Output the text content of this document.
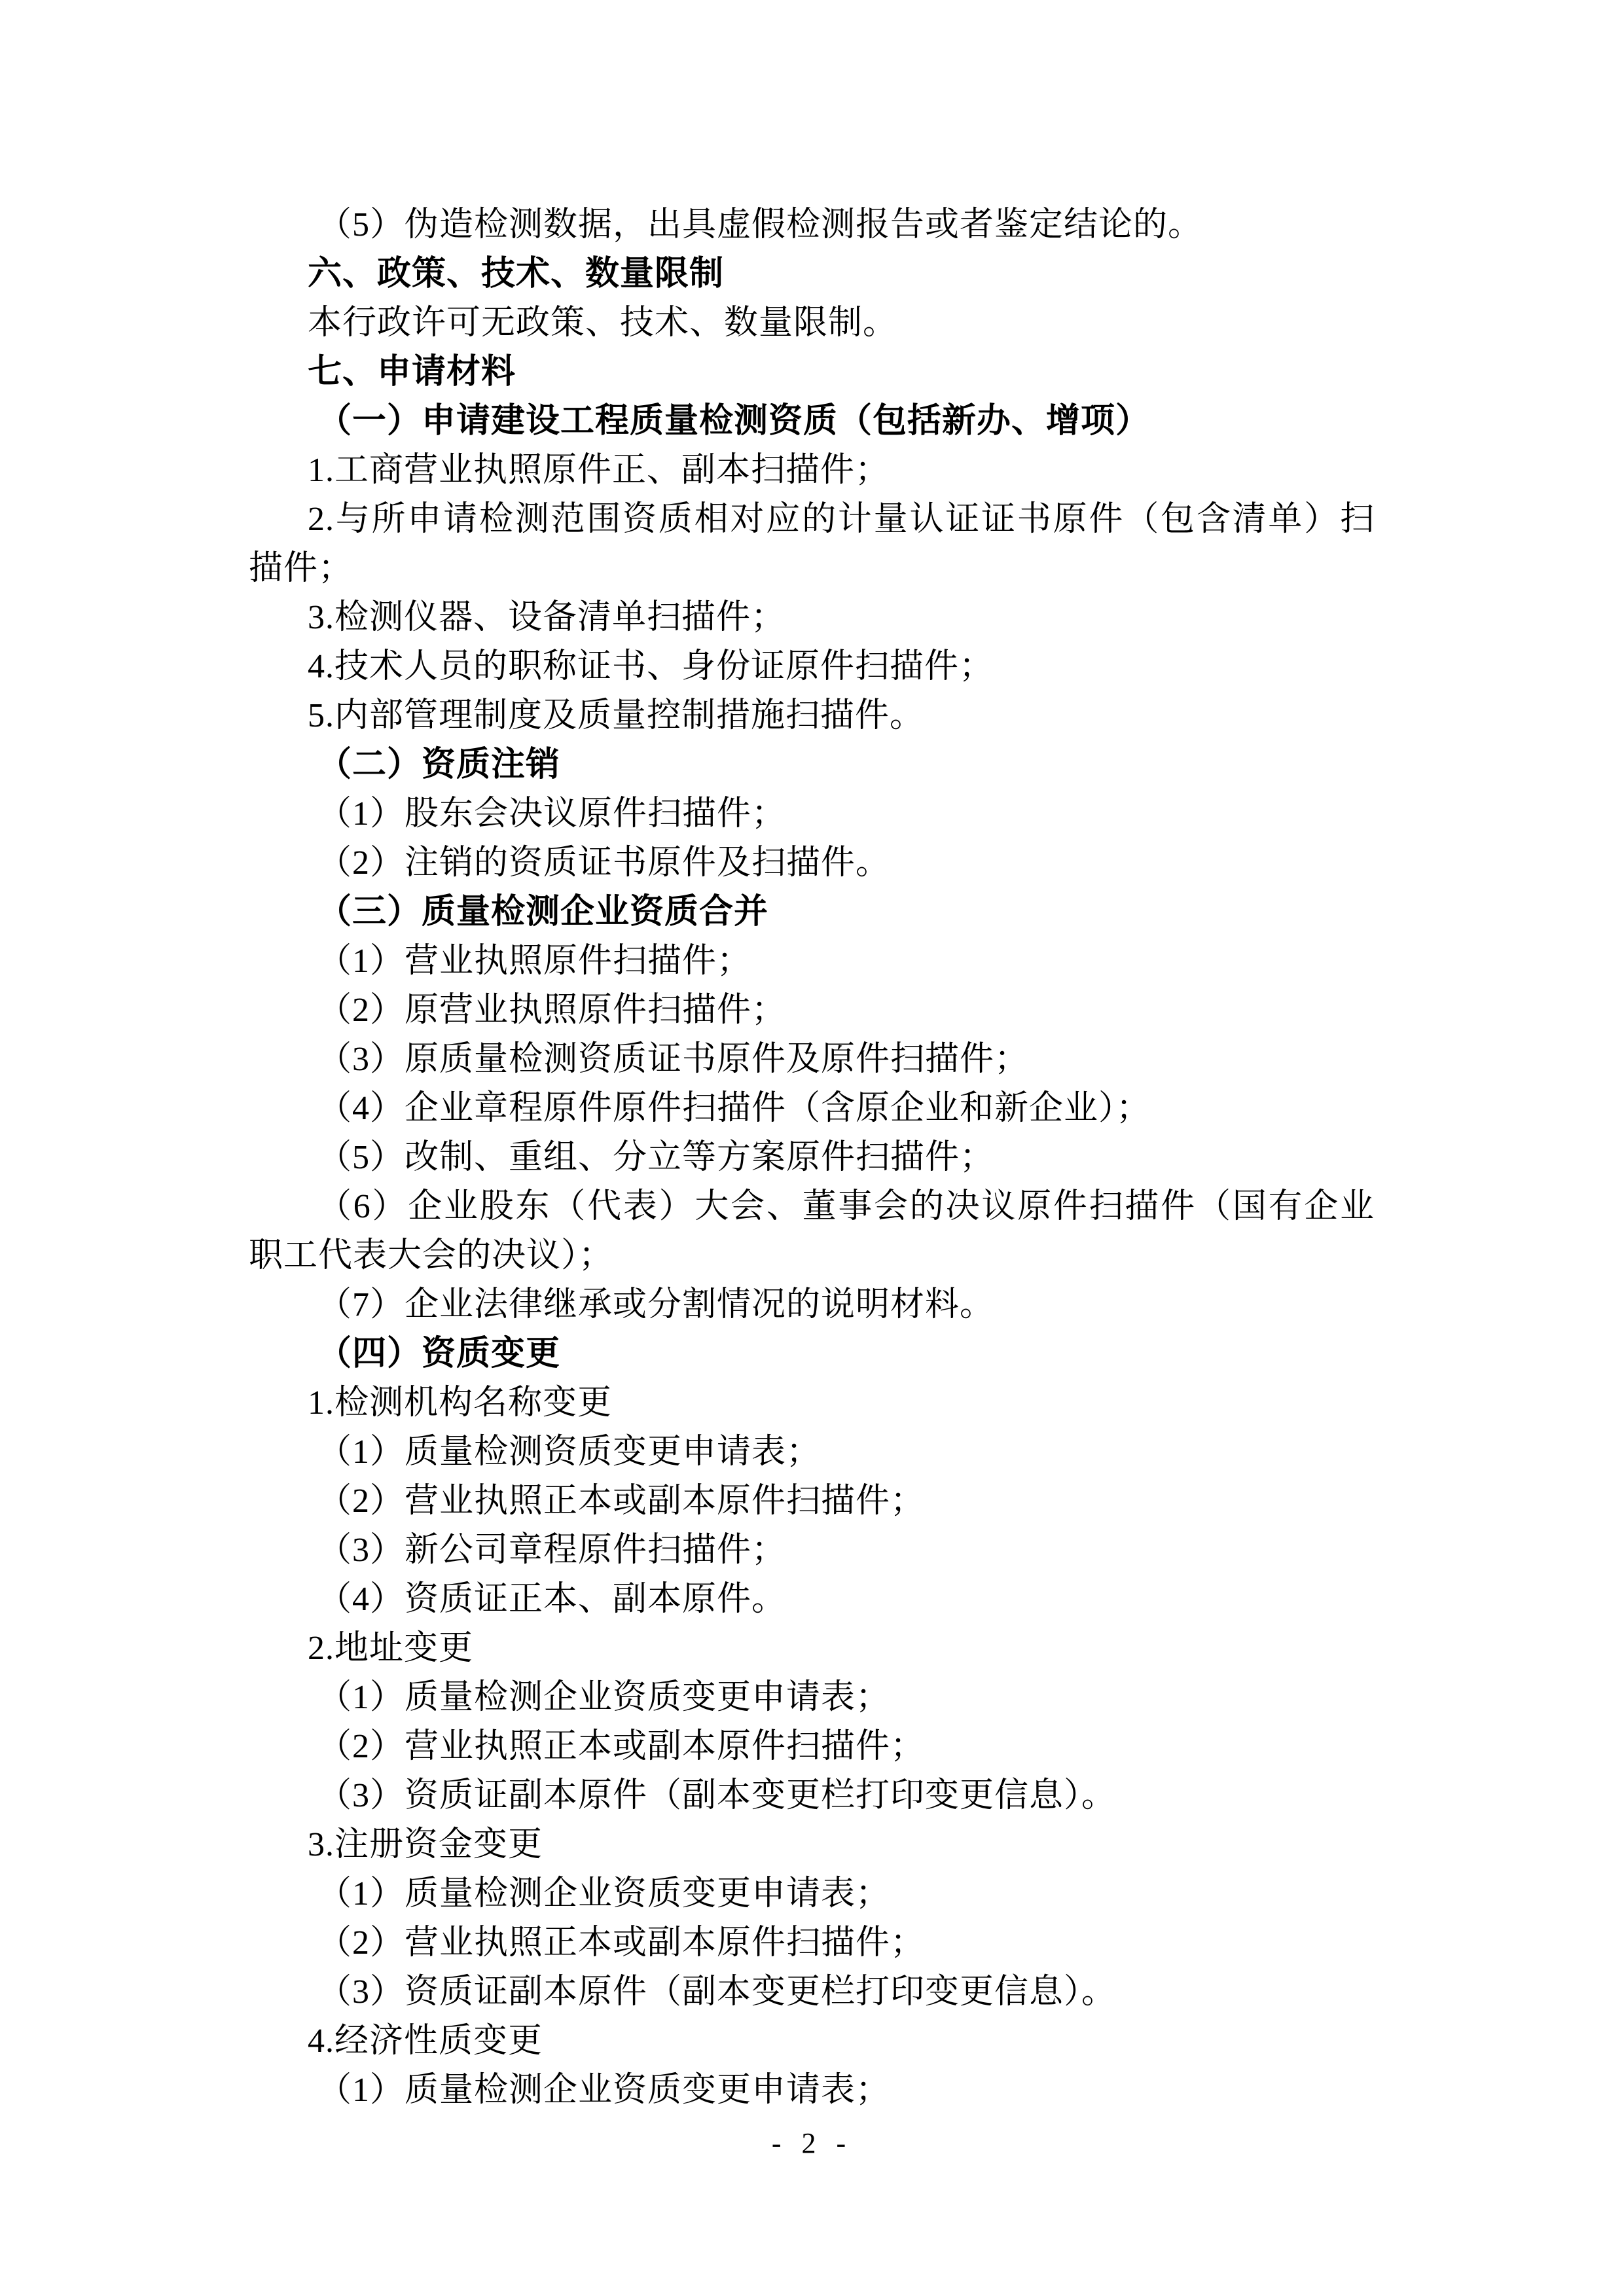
（5）伪造检测数据，出具虚假检测报告或者鉴定结论的。

六、政策、技术、数量限制

本行政许可无政策、技术、数量限制。

七、申请材料

（一）申请建设工程质量检测资质（包括新办、增项）

1.工商营业执照原件正、副本扫描件；

2.与所申请检测范围资质相对应的计量认证证书原件（包含清单）扫描件；

3.检测仪器、设备清单扫描件；

4.技术人员的职称证书、身份证原件扫描件；

5.内部管理制度及质量控制措施扫描件。

（二）资质注销

（1）股东会决议原件扫描件；

（2）注销的资质证书原件及扫描件。

（三）质量检测企业资质合并

（1）营业执照原件扫描件；

（2）原营业执照原件扫描件；

（3）原质量检测资质证书原件及原件扫描件；

（4）企业章程原件原件扫描件（含原企业和新企业）；

（5）改制、重组、分立等方案原件扫描件；

（6）企业股东（代表）大会、董事会的决议原件扫描件（国有企业职工代表大会的决议）；

（7）企业法律继承或分割情况的说明材料。

（四）资质变更

1.检测机构名称变更

（1）质量检测资质变更申请表；

（2）营业执照正本或副本原件扫描件；

（3）新公司章程原件扫描件；

（4）资质证正本、副本原件。

2.地址变更

（1）质量检测企业资质变更申请表；

（2）营业执照正本或副本原件扫描件；

（3）资质证副本原件（副本变更栏打印变更信息）。

3.注册资金变更

（1）质量检测企业资质变更申请表；

（2）营业执照正本或副本原件扫描件；

（3）资质证副本原件（副本变更栏打印变更信息）。

4.经济性质变更

（1）质量检测企业资质变更申请表；

- 2 -
